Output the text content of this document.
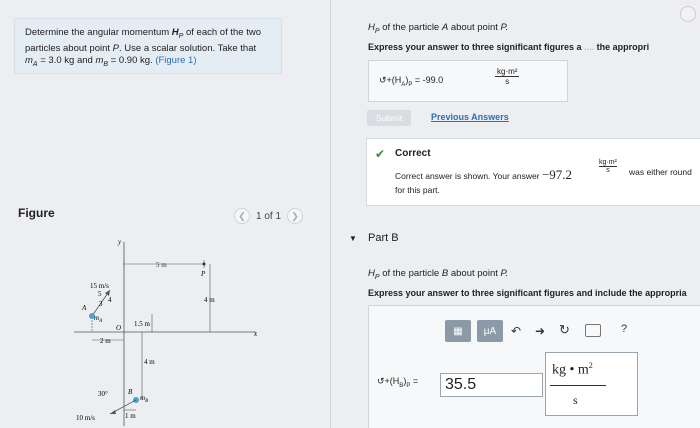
Determine the angular momentum $H_P$ of each of the two
particles about point P. Use a scalar solution. Take that
$m_A = 3.0$ kg and $m_B = 0.90$ kg. (Figure 1)
Figure	❮	1 of 1	❯
y
x
5 m
P
4 m
15 m/s
5
4
3
A
$m_A$
O
2 m
1.5 m
4 m
B
$m_B$
30°
10 m/s	1 m
$H_P$ of the particle A about point P.
Express your answer to three significant figures a .... the appropri
$↺+(H_A)_P = -99.0$
kg·m²
s
Submit	Previous Answers
✔ Correct
Correct answer is shown. Your answer −97.2
kg·m²
s	was either round
for this part.
▼ Part B
$H_P$ of the particle B about point P.
Express your answer to three significant figures and include the appropria
▦	μA	↶ ➜ ↻	?
$↺+(H_B)_P$ =	35.5
kg • $m^2$
s
